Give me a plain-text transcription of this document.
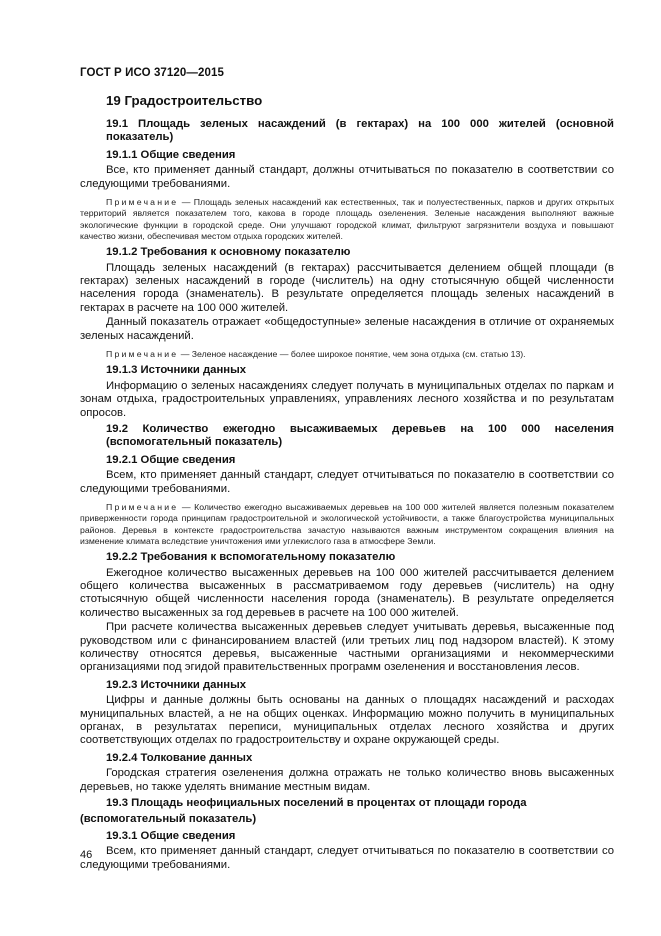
ГОСТ Р ИСО 37120—2015
19 Градостроительство
19.1 Площадь зеленых насаждений (в гектарах) на 100 000 жителей (основной показатель)
19.1.1 Общие сведения
Все, кто применяет данный стандарт, должны отчитываться по показателю в соответствии со следующими требованиями.
Примечание — Площадь зеленых насаждений как естественных, так и полуестественных, парков и других открытых территорий является показателем того, какова в городе площадь озеленения. Зеленые насаждения выполняют важные экологические функции в городской среде. Они улучшают городской климат, фильтруют загрязнители воздуха и повышают качество жизни, обеспечивая местом отдыха городских жителей.
19.1.2 Требования к основному показателю
Площадь зеленых насаждений (в гектарах) рассчитывается делением общей площади (в гектарах) зеленых насаждений в городе (числитель) на одну стотысячную общей численности населения города (знаменатель). В результате определяется площадь зеленых насаждений в гектарах в расчете на 100 000 жителей.
Данный показатель отражает «общедоступные» зеленые насаждения в отличие от охраняемых зеленых насаждений.
Примечание — Зеленое насаждение — более широкое понятие, чем зона отдыха (см. статью 13).
19.1.3 Источники данных
Информацию о зеленых насаждениях следует получать в муниципальных отделах по паркам и зонам отдыха, градостроительных управлениях, управлениях лесного хозяйства и по результатам опросов.
19.2 Количество ежегодно высаживаемых деревьев на 100 000 населения (вспомогательный показатель)
19.2.1 Общие сведения
Всем, кто применяет данный стандарт, следует отчитываться по показателю в соответствии со следующими требованиями.
Примечание — Количество ежегодно высаживаемых деревьев на 100 000 жителей является полезным показателем приверженности города принципам градостроительной и экологической устойчивости, а также благоустройства муниципальных районов. Деревья в контексте градостроительства зачастую называются важным инструментом сокращения влияния на изменение климата вследствие уничтожения ими углекислого газа в атмосфере Земли.
19.2.2 Требования к вспомогательному показателю
Ежегодное количество высаженных деревьев на 100 000 жителей рассчитывается делением общего количества высаженных в рассматриваемом году деревьев (числитель) на одну стотысячную общей численности населения города (знаменатель). В результате определяется количество высаженных за год деревьев в расчете на 100 000 жителей.
При расчете количества высаженных деревьев следует учитывать деревья, высаженные под руководством или с финансированием властей (или третьих лиц под надзором властей). К этому количеству относятся деревья, высаженные частными организациями и некоммерческими организациями под эгидой правительственных программ озеленения и восстановления лесов.
19.2.3 Источники данных
Цифры и данные должны быть основаны на данных о площадях насаждений и расходах муниципальных властей, а не на общих оценках. Информацию можно получить в муниципальных органах, в результатах переписи, муниципальных отделах лесного хозяйства и других соответствующих отделах по градостроительству и охране окружающей среды.
19.2.4 Толкование данных
Городская стратегия озеленения должна отражать не только количество вновь высаженных деревьев, но также уделять внимание местным видам.
19.3 Площадь неофициальных поселений в процентах от площади города
(вспомогательный показатель)
19.3.1 Общие сведения
Всем, кто применяет данный стандарт, следует отчитываться по показателю в соответствии со следующими требованиями.
46
